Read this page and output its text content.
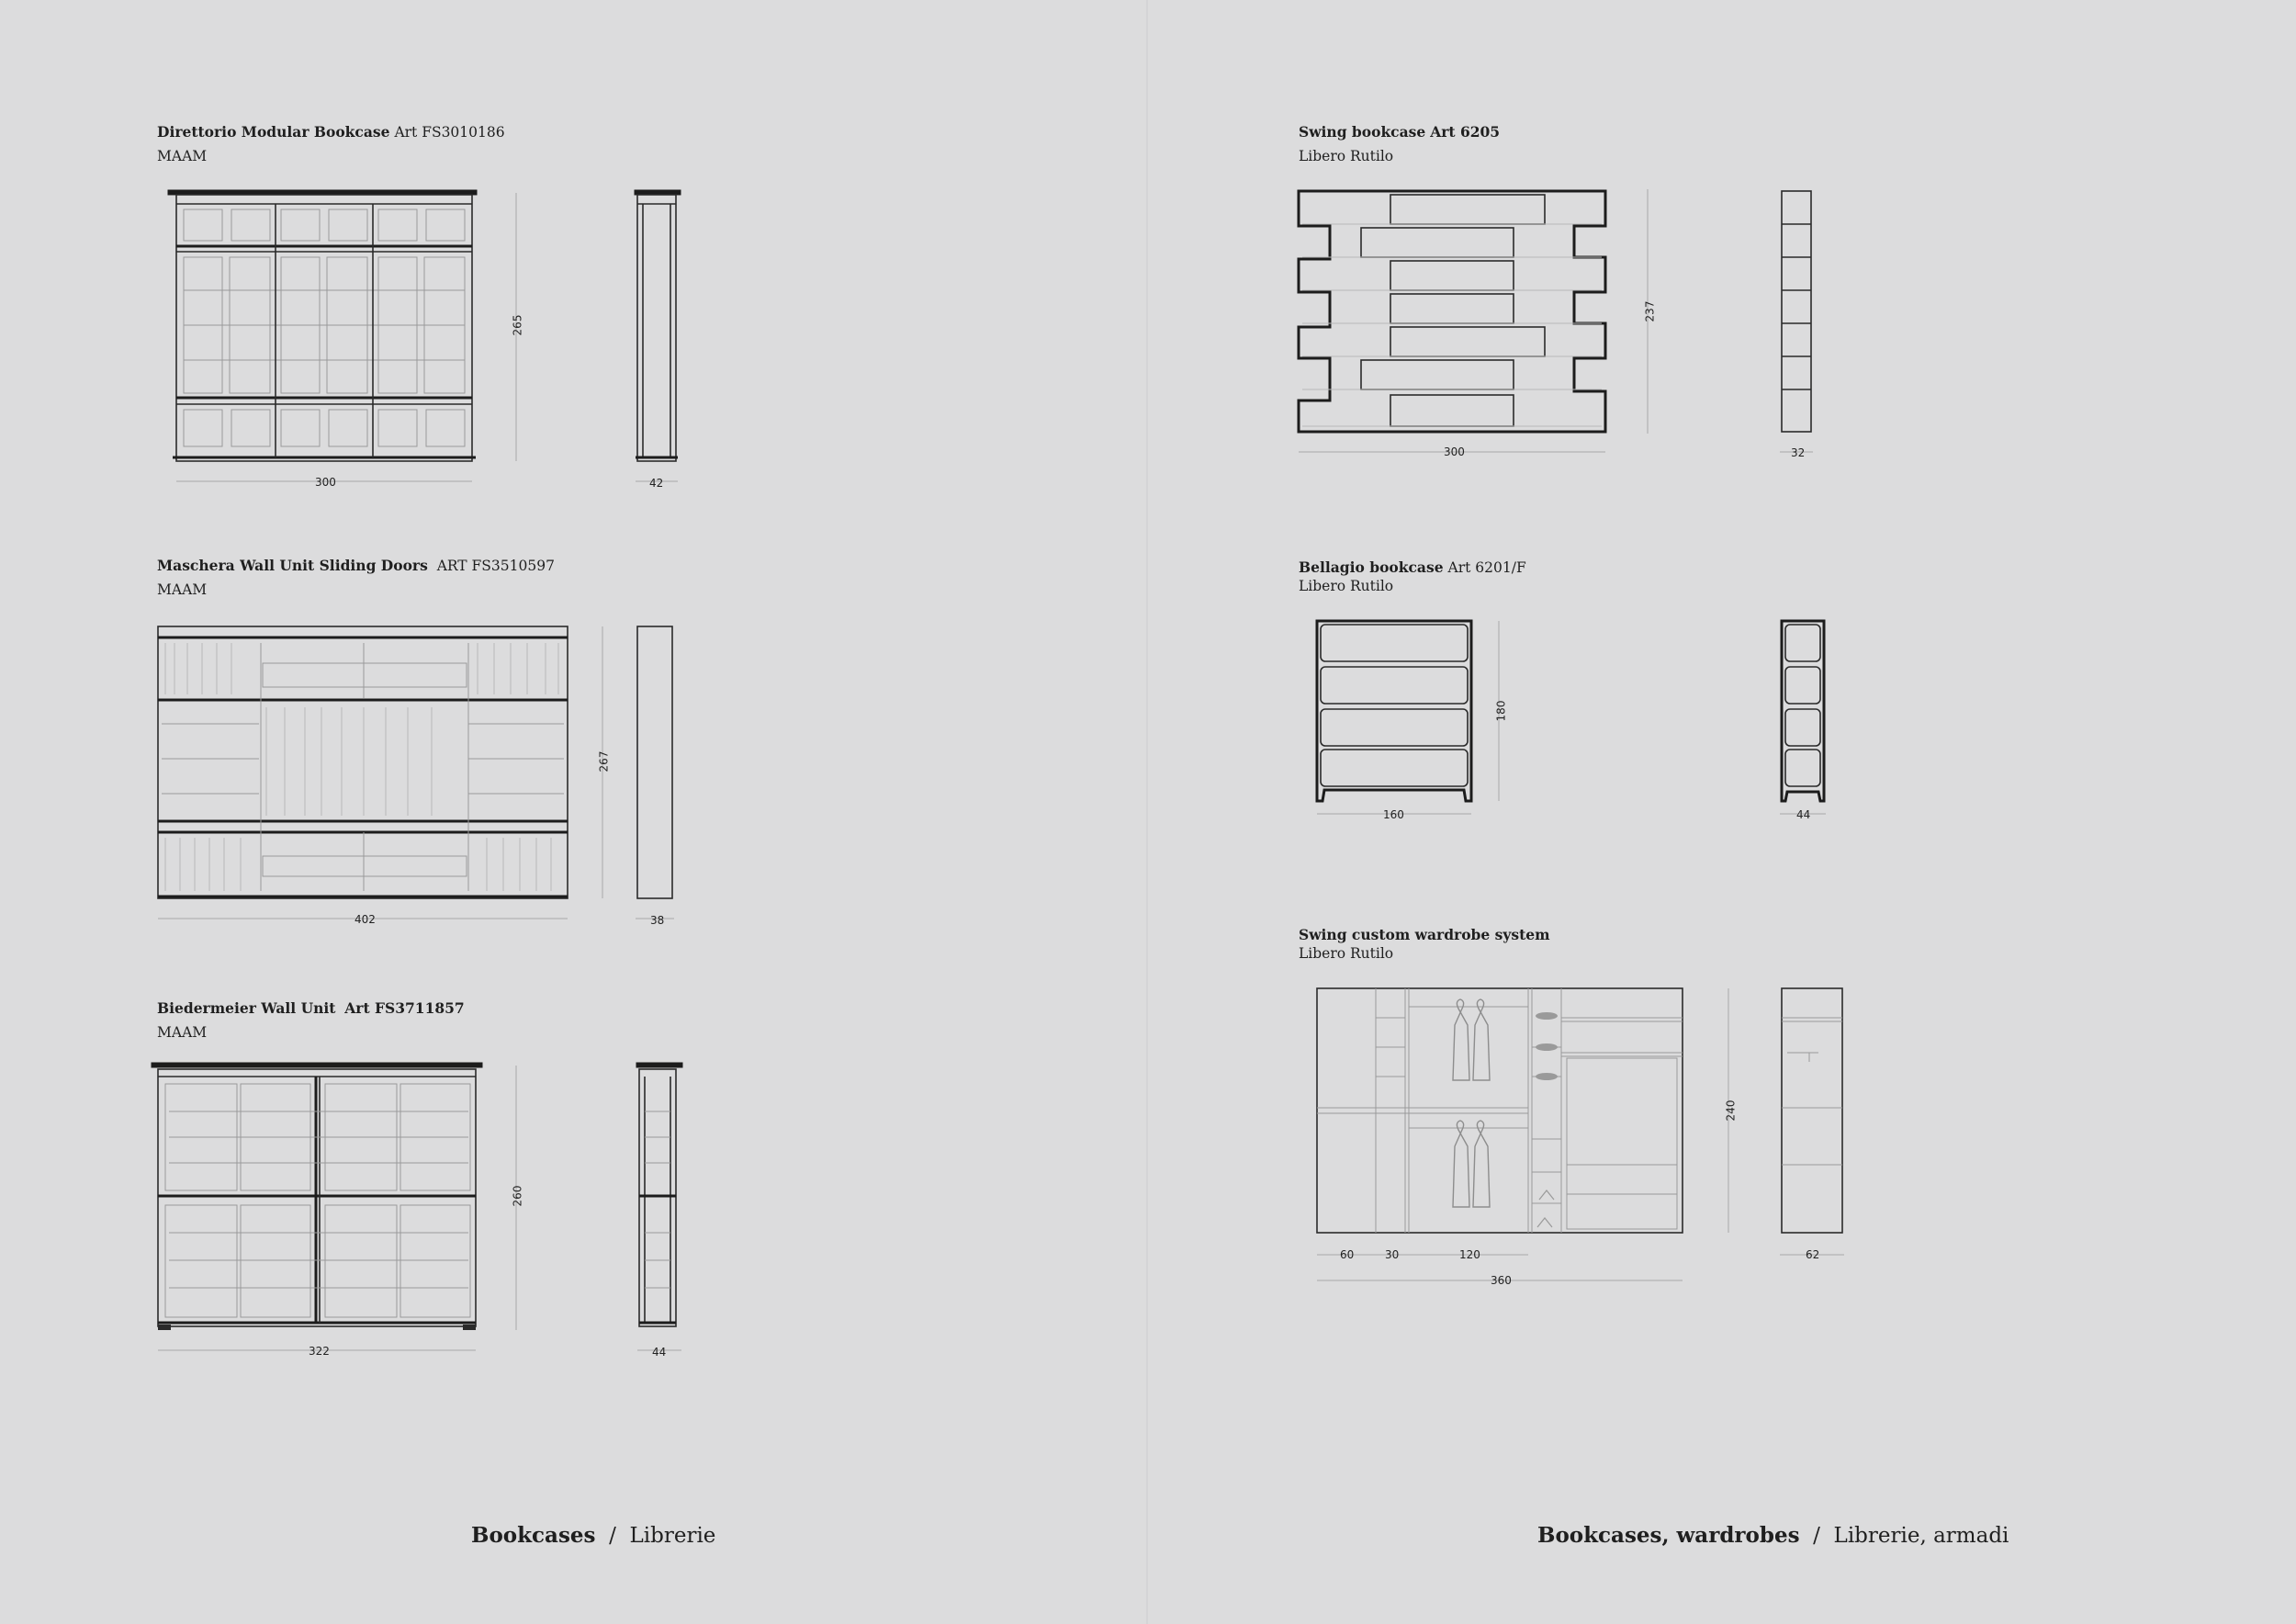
Direttorio Modular Bookcase Art FS3010186
MAAM
300
265
42
Maschera Wall Unit Sliding Doors ART FS3510597
MAAM
402
267
38
Biedermeier Wall Unit Art FS3711857
MAAM
322
260
44
Swing bookcase Art 6205
Libero Rutilo
300
237
32
Bellagio bookcase Art 6201/F
Libero Rutilo
160
180
44
Swing custom wardrobe system
Libero Rutilo
60	30	120
360
240
62
Bookcases / Librerie	Bookcases, wardrobes / Librerie, armadi
